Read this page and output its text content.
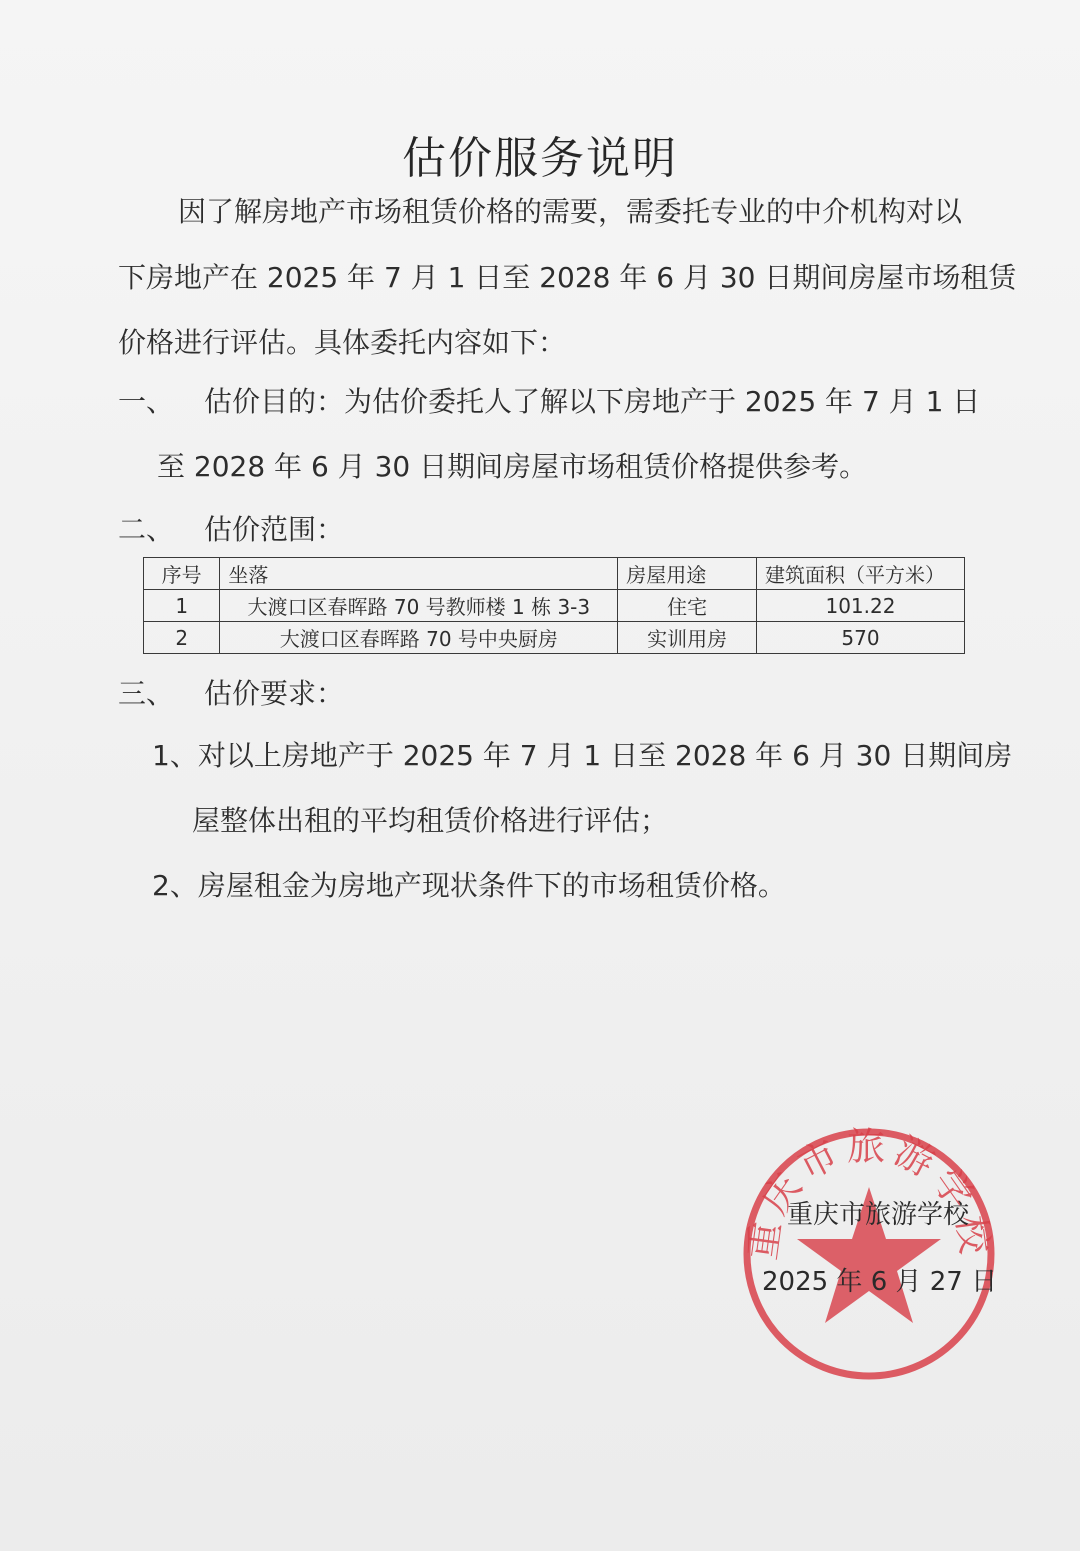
估价服务说明
因了解房地产市场租赁价格的需要，需委托专业的中介机构对以
下房地产在 2025 年 7 月 1 日至 2028 年 6 月 30 日期间房屋市场租赁
价格进行评估。具体委托内容如下：
一、 估价目的：为估价委托人了解以下房地产于 2025 年 7 月 1 日
至 2028 年 6 月 30 日期间房屋市场租赁价格提供参考。
二、 估价范围：
序号	坐落	房屋用途	建筑面积（平方米）
1	大渡口区春晖路 70 号教师楼 1 栋 3-3	住宅	101.22
2	大渡口区春晖路 70 号中央厨房	实训用房	570
三、 估价要求：
1、对以上房地产于 2025 年 7 月 1 日至 2028 年 6 月 30 日期间房
屋整体出租的平均租赁价格进行评估；
2、房屋租金为房地产现状条件下的市场租赁价格。
重庆市旅游学校
重庆市旅游学校
2025 年 6 月 27 日
